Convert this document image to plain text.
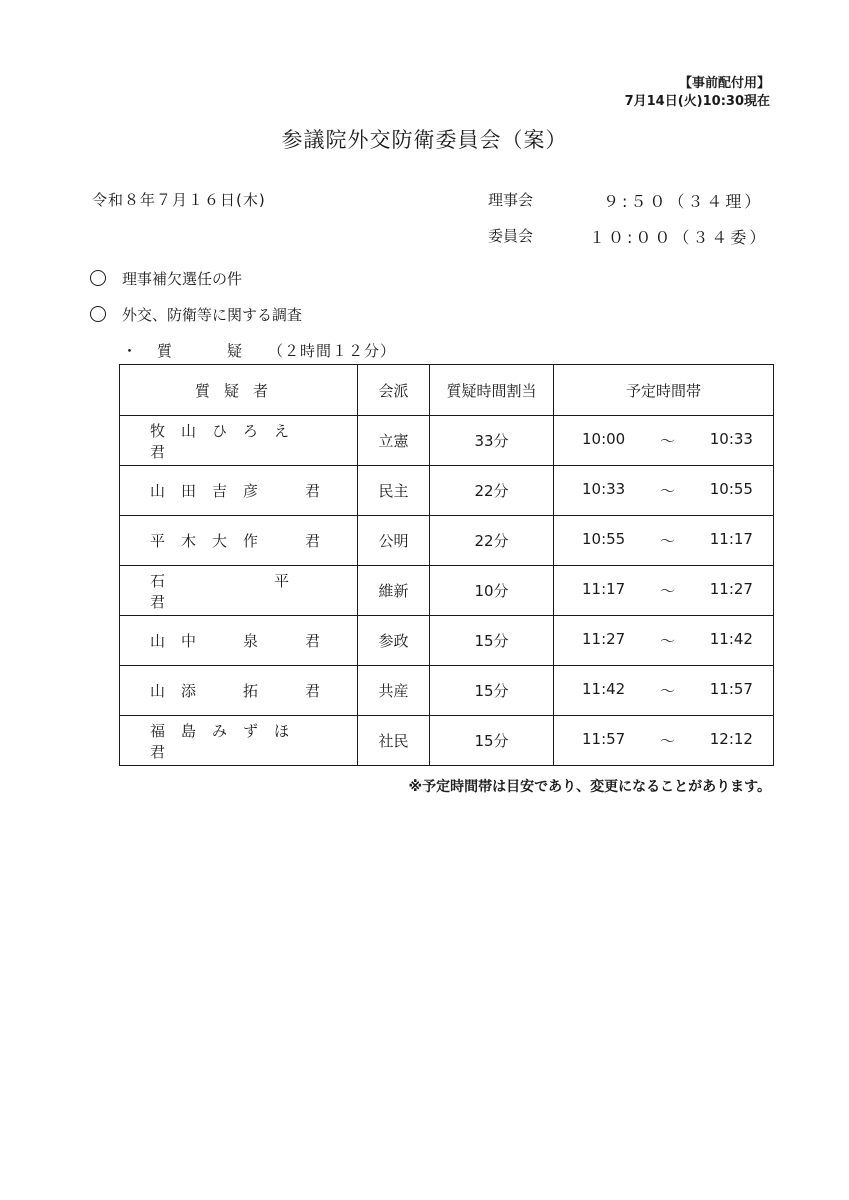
【事前配付用】
7月14日(火)10:30現在
参議院外交防衛委員会（案）
令和８年７月１６日(木)	理事会	９:５０（３４理）
委員会	１０:００（３４委）
理事補欠選任の件
外交、防衛等に関する調査
・質　疑 （２時間１２分）
質疑者	会派	質疑時間割当	予定時間帯
牧山ひろえ　君	立憲	33分	10:00 ～ 10:33

山田吉彦　君	民主	22分	10:33 ～ 10:55

平木大作　君	公明	22分	10:55 ～ 11:17

石　　　平　君	維新	10分	11:17 ～ 11:27

山中　泉　君	参政	15分	11:27 ～ 11:42

山添　拓　君	共産	15分	11:42 ～ 11:57

福島みずほ　君	社民	15分	11:57 ～ 12:12
※予定時間帯は目安であり、変更になることがあります。
